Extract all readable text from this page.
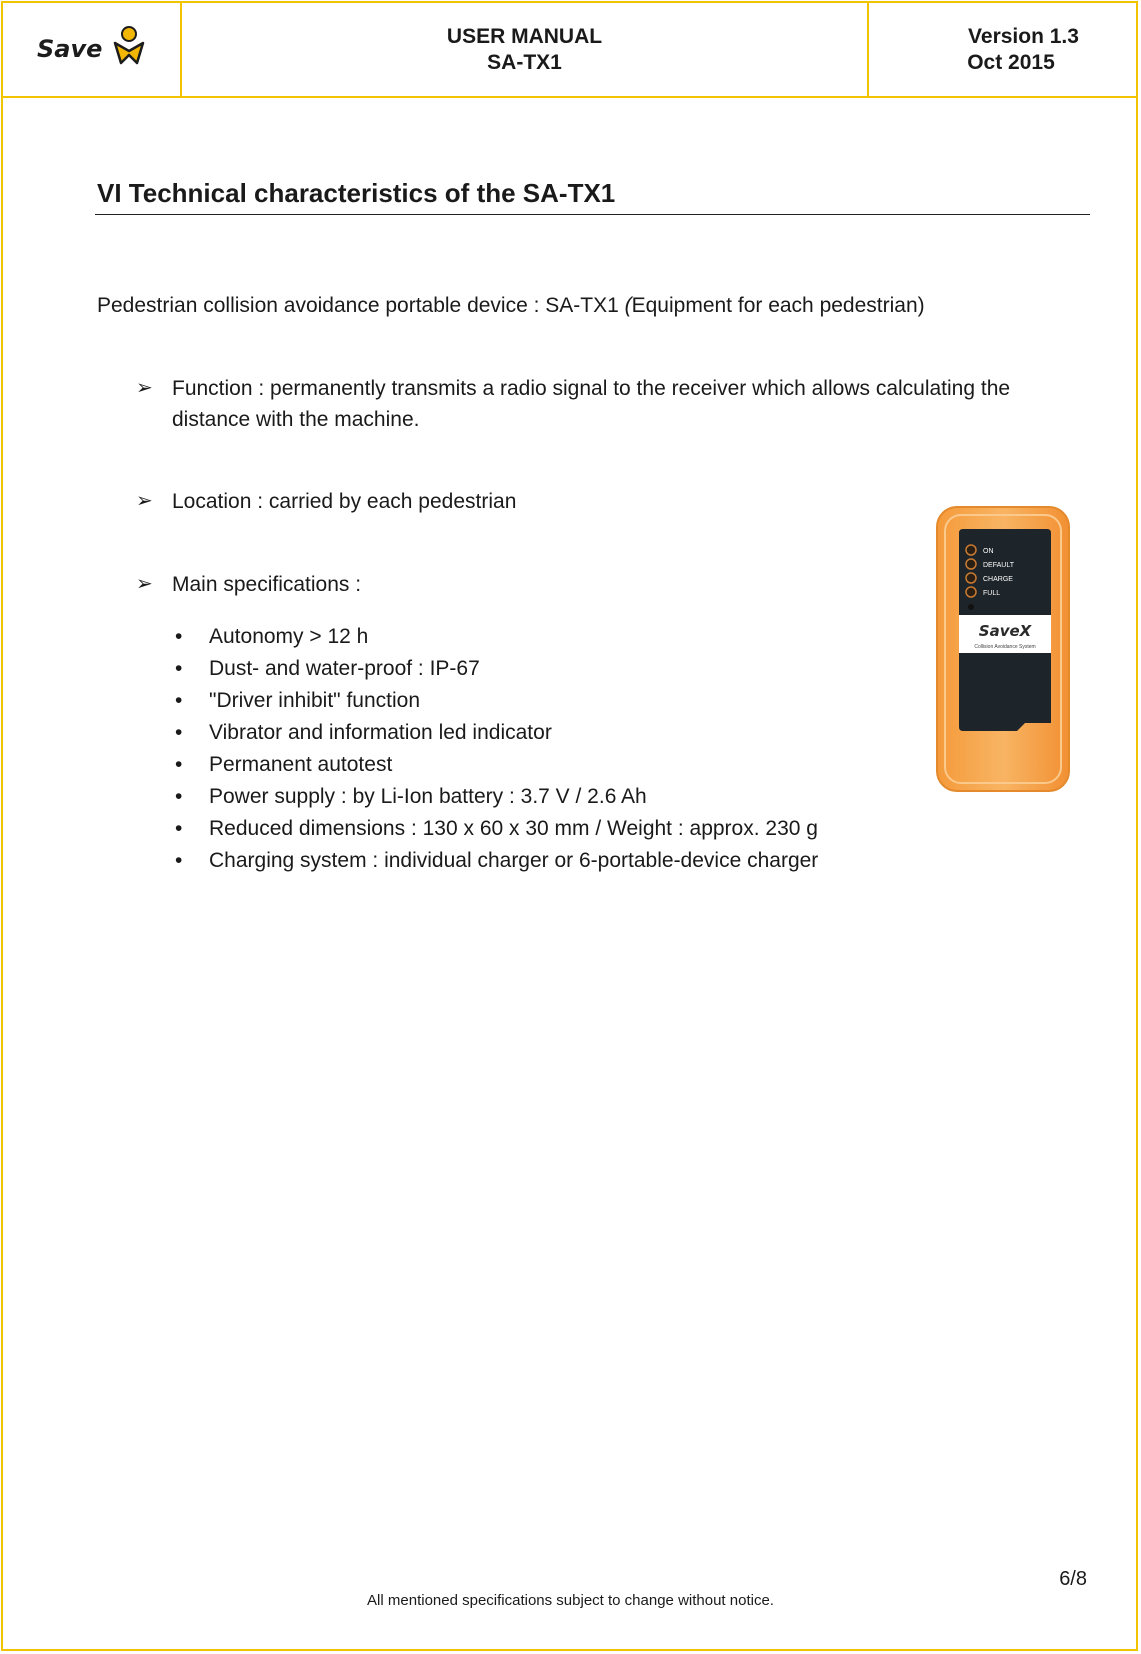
Save	USER MANUAL
SA-TX1
Version 1.3
Oct 2015
VI Technical characteristics of the SA-TX1
Pedestrian collision avoidance portable device : SA-TX1 (Equipment for each pedestrian)
➢ Function : permanently transmits a radio signal to the receiver which allows calculating the distance with the machine.
➢ Location : carried by each pedestrian
➢ Main specifications :
• Autonomy > 12 h
• Dust- and water-proof : IP-67
• "Driver inhibit" function
• Vibrator and information led indicator
• Permanent autotest
• Power supply : by Li-Ion battery : 3.7 V / 2.6 Ah
• Reduced dimensions : 130 x 60 x 30 mm / Weight : approx. 230 g
• Charging system : individual charger or 6-portable-device charger
ON
DEFAULT
CHARGE
FULL
SaveX
Collision Avoidance System
6/8
All mentioned specifications subject to change without notice.
